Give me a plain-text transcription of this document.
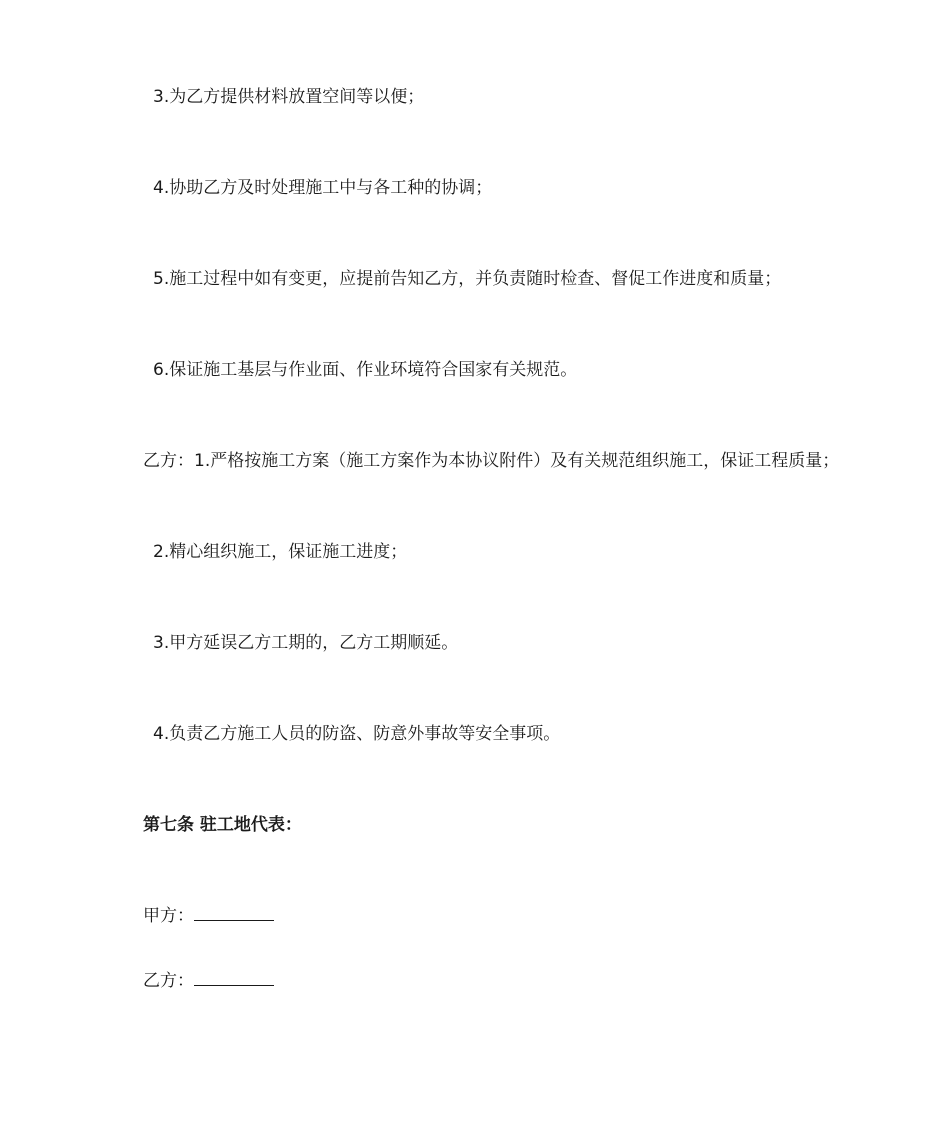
3.为乙方提供材料放置空间等以便；
4.协助乙方及时处理施工中与各工种的协调；
5.施工过程中如有变更，应提前告知乙方，并负责随时检查、督促工作进度和质量；
6.保证施工基层与作业面、作业环境符合国家有关规范。
乙方：1.严格按施工方案（施工方案作为本协议附件）及有关规范组织施工，保证工程质量；
2.精心组织施工，保证施工进度；
3.甲方延误乙方工期的，乙方工期顺延。
4.负责乙方施工人员的防盗、防意外事故等安全事项。
第七条 驻工地代表：
甲方：
乙方：
